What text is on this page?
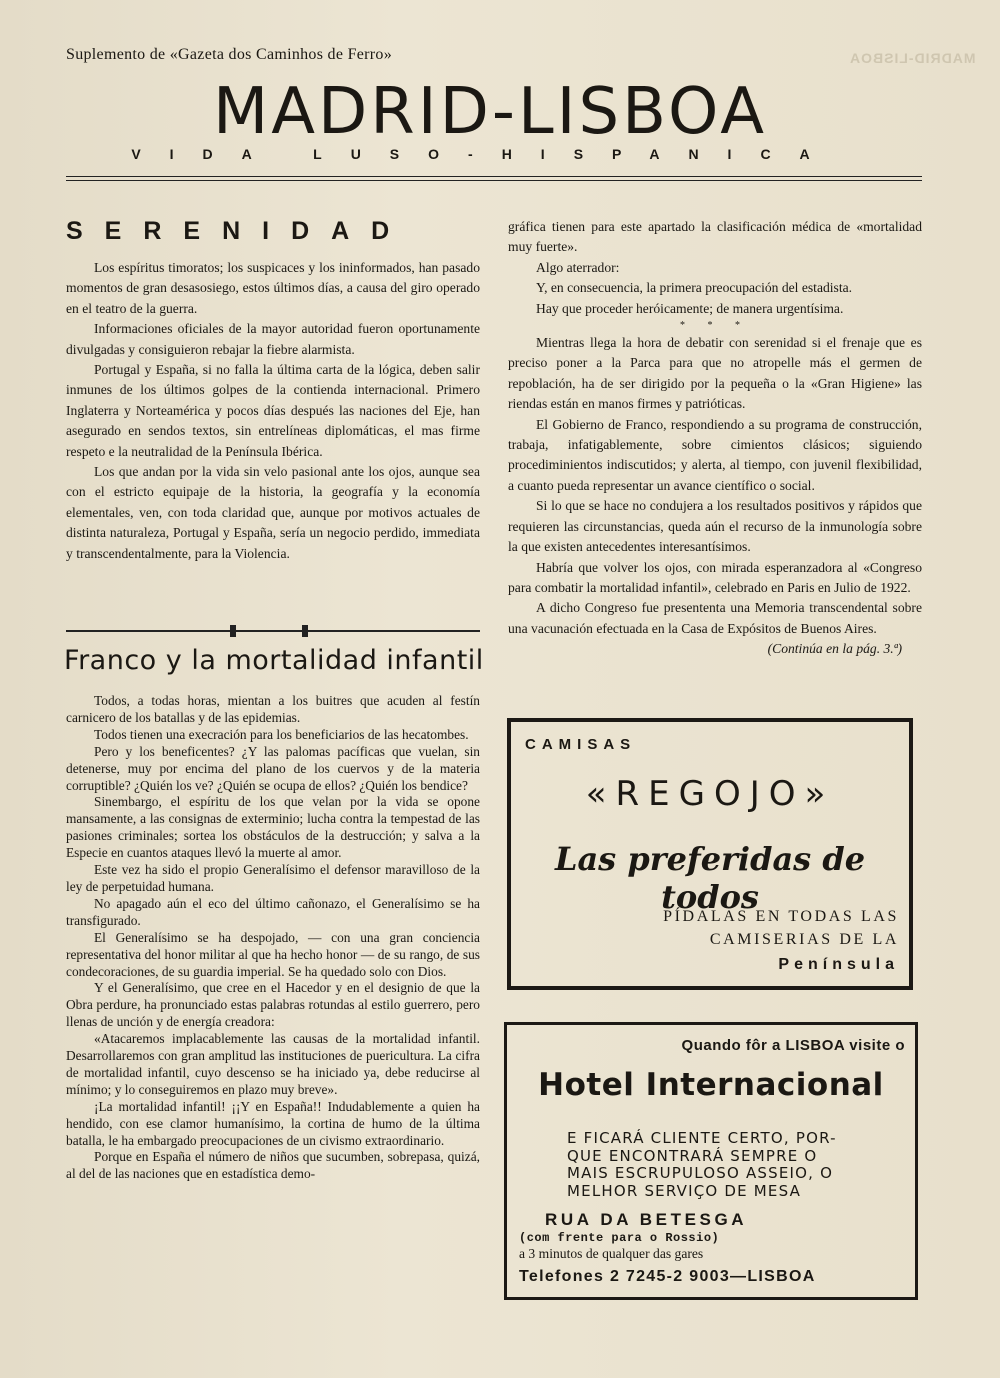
MADRID-LISBOA
Suplemento de «Gazeta dos Caminhos de Ferro»
MADRID-LISBOA
VIDA LUSO-HISPANICA
SERENIDAD

Los espíritus timoratos; los suspicaces y los ininformados, han pasado momentos de gran desasosiego, estos últimos días, a causa del giro operado en el teatro de la guerra.

Informaciones oficiales de la mayor autoridad fueron oportunamente divulgadas y consiguieron rebajar la fiebre alarmista.

Portugal y España, si no falla la última carta de la lógica, deben salir inmunes de los últimos golpes de la contienda internacional. Primero Inglaterra y Norteamérica y pocos días después las naciones del Eje, han asegurado en sendos textos, sin entrelíneas diplomáticas, el mas firme respeto e la neutralidad de la Península Ibérica.

Los que andan por la vida sin velo pasional ante los ojos, aunque sea con el estricto equipaje de la historia, la geografía y la economía elementales, ven, con toda claridad que, aunque por motivos actuales de distinta naturaleza, Portugal y España, sería un negocio perdido, immediata y transcendentalmente, para la Violencia.

Franco y la mortalidad infantil

Todos, a todas horas, mientan a los buitres que acuden al festín carnicero de los batallas y de las epidemias.

Todos tienen una execración para los beneficiarios de las hecatombes.

Pero y los beneficentes? ¿Y las palomas pacíficas que vuelan, sin detenerse, muy por encima del plano de los cuervos y de la materia corruptible? ¿Quién los ve? ¿Quién se ocupa de ellos? ¿Quién los bendice?

Sinembargo, el espíritu de los que velan por la vida se opone mansamente, a las consignas de exterminio; lucha contra la tempestad de las pasiones criminales; sortea los obstáculos de la destrucción; y salva a la Especie en cuantos ataques llevó la muerte al amor.

Este vez ha sido el propio Generalísimo el defensor maravilloso de la ley de perpetuidad humana.

No apagado aún el eco del último cañonazo, el Generalísimo se ha transfigurado.

El Generalísimo se ha despojado, — con una gran conciencia representativa del honor militar al que ha hecho honor — de su rango, de sus condecoraciones, de su guardia imperial. Se ha quedado solo con Dios.

Y el Generalísimo, que cree en el Hacedor y en el designio de que la Obra perdure, ha pronunciado estas palabras rotundas al estilo guerrero, pero llenas de unción y de energía creadora:

«Atacaremos implacablemente las causas de la mortalidad infantil. Desarrollaremos con gran amplitud las instituciones de puericultura. La cifra de mortalidad infantil, cuyo descenso se ha iniciado ya, debe reducirse al mínimo; y lo conseguiremos en plazo muy breve».

¡La mortalidad infantil! ¡¡Y en España!! Indudablemente a quien ha hendido, con ese clamor humanísimo, la cortina de humo de la última batalla, le ha embargado preocupaciones de un civismo extraordinario.

Porque en España el número de niños que sucumben, sobrepasa, quizá, al del de las naciones que en estadística demo-

gráfica tienen para este apartado la clasificación médica de «mortalidad muy fuerte».

Algo aterrador:

Y, en consecuencia, la primera preocupación del estadista.

Hay que proceder heróicamente; de manera urgentísima.

* * *

Mientras llega la hora de debatir con serenidad si el frenaje que es preciso poner a la Parca para que no atropelle más el germen de repoblación, ha de ser dirigido por la pequeña o la «Gran Higiene» las riendas están en manos firmes y patrióticas.

El Gobierno de Franco, respondiendo a su programa de construcción, trabaja, infatigablemente, sobre cimientos clásicos; siguiendo procediminientos indiscutidos; y alerta, al tiempo, con juvenil flexibilidad, a cuanto pueda representar un avance científico o social.

Si lo que se hace no condujera a los resultados positivos y rápidos que requieren las circunstancias, queda aún el recurso de la inmunología sobre la que existen antecedentes interesantísimos.

Habría que volver los ojos, con mirada esperanzadora al «Congreso para combatir la mortalidad infantil», celebrado en Paris en Julio de 1922.

A dicho Congreso fue presententa una Memoria transcendental sobre una vacunación efectuada en la Casa de Expósitos de Buenos Aires.

(Continúa en la pág. 3.ª)

CAMISAS
«REGOJO»
Las preferidas de todos
PÍDALAS EN TODAS LAS
CAMISERIAS DE LA
Península
Quando fôr a LISBOA visite o
Hotel Internacional
E FICARÁ CLIENTE CERTO, POR-
QUE ENCONTRARÁ SEMPRE O
MAIS ESCRUPULOSO ASSEIO, O
MELHOR SERVIÇO DE MESA
RUA DA BETESGA
(com frente para o Rossio)
a 3 minutos de qualquer das gares
Telefones 2 7245-2 9003—LISBOA
